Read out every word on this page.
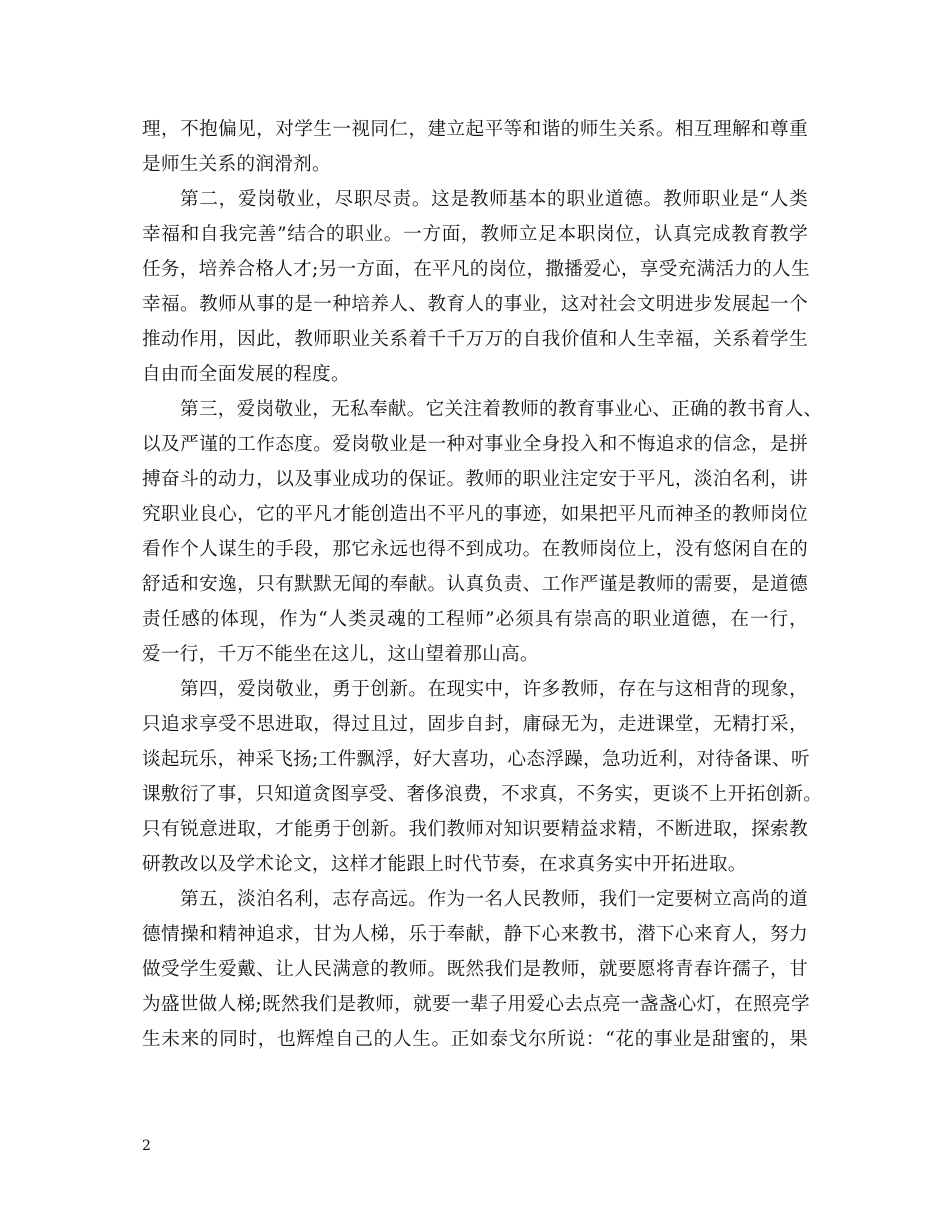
理，不抱偏见，对学生一视同仁，建立起平等和谐的师生关系。相互理解和尊重
是师生关系的润滑剂。
第二，爱岗敬业，尽职尽责。这是教师基本的职业道德。教师职业是“人类
幸福和自我完善”结合的职业。一方面，教师立足本职岗位，认真完成教育教学
任务，培养合格人才;另一方面，在平凡的岗位，撒播爱心，享受充满活力的人生
幸福。教师从事的是一种培养人、教育人的事业，这对社会文明进步发展起一个
推动作用，因此，教师职业关系着千千万万的自我价值和人生幸福，关系着学生
自由而全面发展的程度。
第三，爱岗敬业，无私奉献。它关注着教师的教育事业心、正确的教书育人、
以及严谨的工作态度。爱岗敬业是一种对事业全身投入和不悔追求的信念，是拼
搏奋斗的动力，以及事业成功的保证。教师的职业注定安于平凡，淡泊名利，讲
究职业良心，它的平凡才能创造出不平凡的事迹，如果把平凡而神圣的教师岗位
看作个人谋生的手段，那它永远也得不到成功。在教师岗位上，没有悠闲自在的
舒适和安逸，只有默默无闻的奉献。认真负责、工作严谨是教师的需要，是道德
责任感的体现，作为“人类灵魂的工程师”必须具有崇高的职业道德，在一行，
爱一行，千万不能坐在这儿，这山望着那山高。
第四，爱岗敬业，勇于创新。在现实中，许多教师，存在与这相背的现象，
只追求享受不思进取，得过且过，固步自封，庸碌无为，走进课堂，无精打采，
谈起玩乐，神采飞扬;工件飘浮，好大喜功，心态浮躁，急功近利，对待备课、听
课敷衍了事，只知道贪图享受、奢侈浪费，不求真，不务实，更谈不上开拓创新。
只有锐意进取，才能勇于创新。我们教师对知识要精益求精，不断进取，探索教
研教改以及学术论文，这样才能跟上时代节奏，在求真务实中开拓进取。
第五，淡泊名利，志存高远。作为一名人民教师，我们一定要树立高尚的道
德情操和精神追求，甘为人梯，乐于奉献，静下心来教书，潜下心来育人，努力
做受学生爱戴、让人民满意的教师。既然我们是教师，就要愿将青春许孺子，甘
为盛世做人梯;既然我们是教师，就要一辈子用爱心去点亮一盏盏心灯，在照亮学
生未来的同时，也辉煌自己的人生。正如泰戈尔所说：“花的事业是甜蜜的，果
2
